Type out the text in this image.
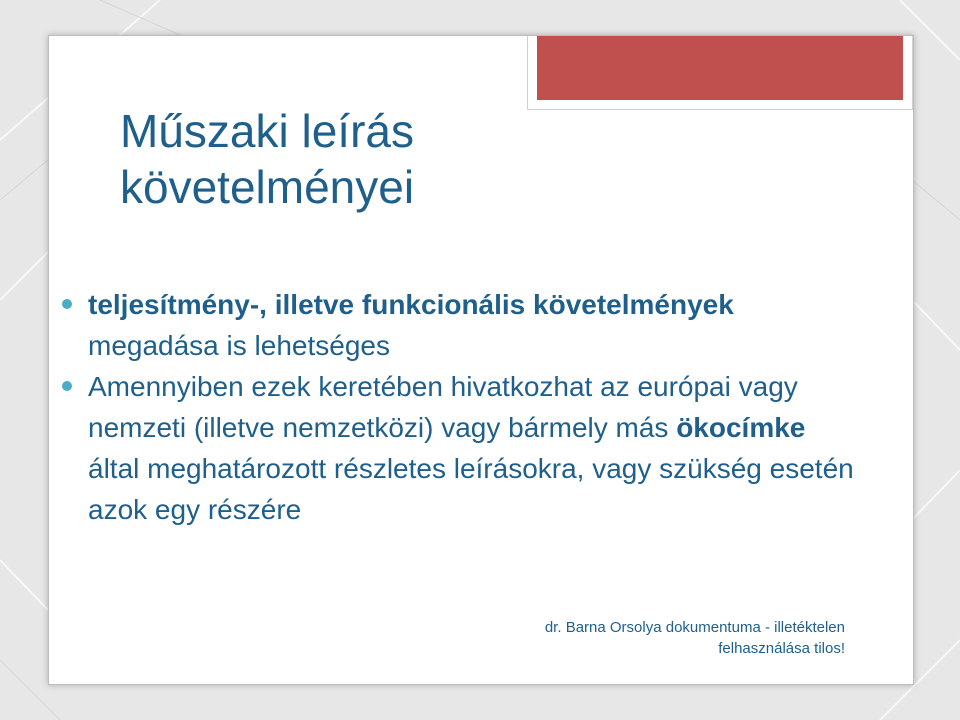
Műszaki leírás
követelményei

teljesítmény-, illetve funkcionális követelmények
megadása is lehetséges

Amennyiben ezek keretében hivatkozhat az európai vagy nemzeti (illetve nemzetközi) vagy bármely más ökocímke által meghatározott részletes leírásokra, vagy szükség esetén azok egy részére

dr. Barna Orsolya dokumentuma - illetéktelen
felhasználása tilos!
